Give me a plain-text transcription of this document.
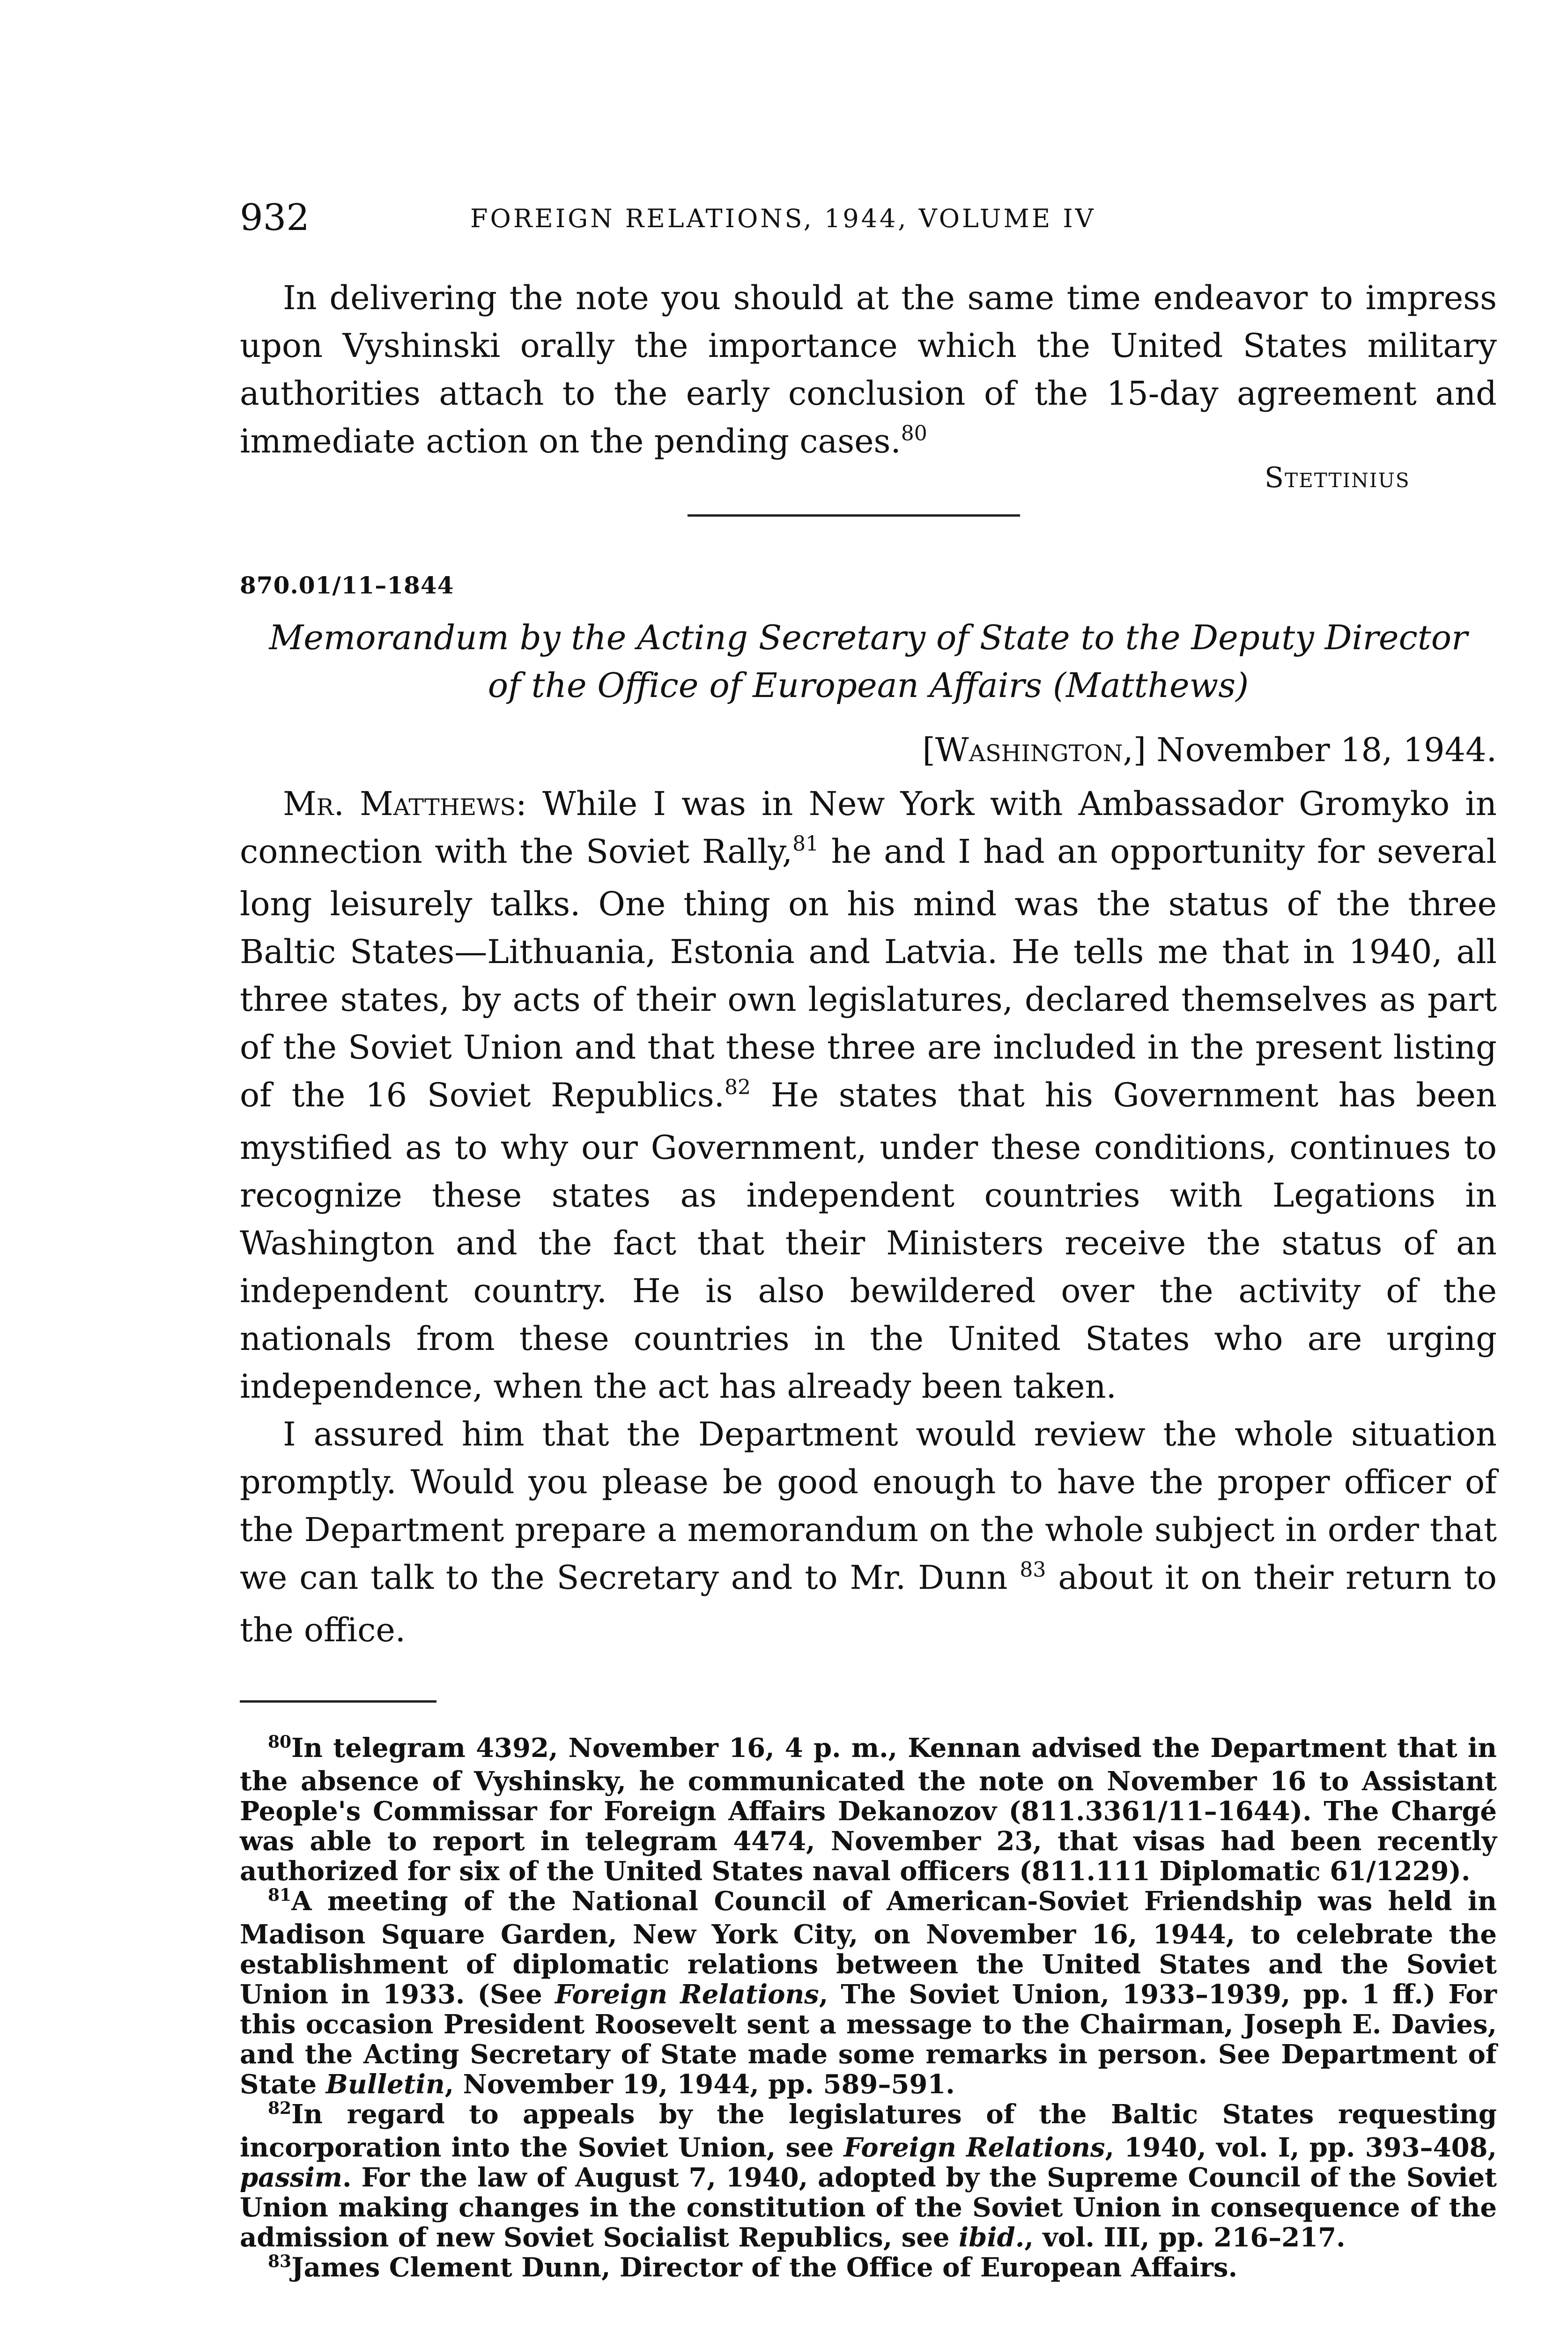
932	FOREIGN RELATIONS, 1944, VOLUME IV

In delivering the note you should at the same time endeavor to impress upon Vyshinski orally the importance which the United States military authorities attach to the early conclusion of the 15-day agreement and immediate action on the pending cases.$^{80}$

Stettinius
870.01/11–1844
Memorandum by the Acting Secretary of State to the Deputy Director
of the Office of European Affairs (Matthews)
[Washington,] November 18, 1944.

Mr. Matthews: While I was in New York with Ambassador Gromyko in connection with the Soviet Rally,$^{81}$ he and I had an opportunity for several long leisurely talks. One thing on his mind was the status of the three Baltic States—Lithuania, Estonia and Latvia. He tells me that in 1940, all three states, by acts of their own legislatures, declared themselves as part of the Soviet Union and that these three are included in the present listing of the 16 Soviet Republics.$^{82}$ He states that his Government has been mystified as to why our Government, under these conditions, continues to recognize these states as independent countries with Legations in Washington and the fact that their Ministers receive the status of an independent country. He is also bewildered over the activity of the nationals from these countries in the United States who are urging independence, when the act has already been taken.

I assured him that the Department would review the whole situation promptly. Would you please be good enough to have the proper officer of the Department prepare a memorandum on the whole subject in order that we can talk to the Secretary and to Mr. Dunn $^{83}$ about it on their return to the office.

$^{80}$In telegram 4392, November 16, 4 p. m., Kennan advised the Department that in the absence of Vyshinsky, he communicated the note on November 16 to Assistant People's Commissar for Foreign Affairs Dekanozov (811.3361/11–1644). The Chargé was able to report in telegram 4474, November 23, that visas had been recently authorized for six of the United States naval officers (811.111 Diplomatic 61/1229).

$^{81}$A meeting of the National Council of American-Soviet Friendship was held in Madison Square Garden, New York City, on November 16, 1944, to celebrate the establishment of diplomatic relations between the United States and the Soviet Union in 1933. (See Foreign Relations, The Soviet Union, 1933–1939, pp. 1 ff.) For this occasion President Roosevelt sent a message to the Chairman, Joseph E. Davies, and the Acting Secretary of State made some remarks in person. See Department of State Bulletin, November 19, 1944, pp. 589–591.

$^{82}$In regard to appeals by the legislatures of the Baltic States requesting incorporation into the Soviet Union, see Foreign Relations, 1940, vol. I, pp. 393–408, passim. For the law of August 7, 1940, adopted by the Supreme Council of the Soviet Union making changes in the constitution of the Soviet Union in consequence of the admission of new Soviet Socialist Republics, see ibid., vol. III, pp. 216–217.

$^{83}$James Clement Dunn, Director of the Office of European Affairs.
